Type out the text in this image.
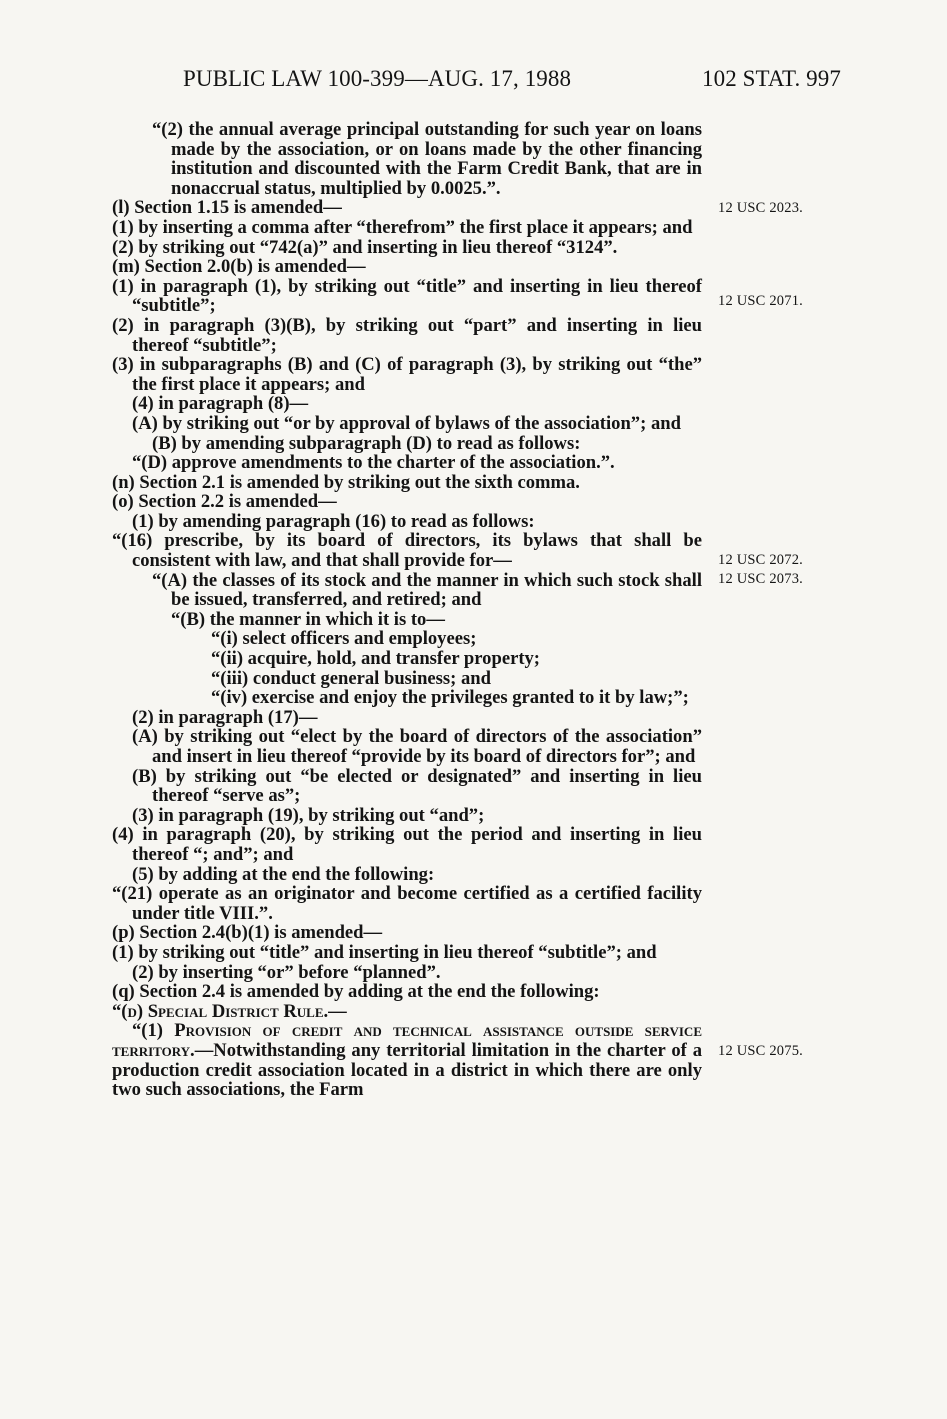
PUBLIC LAW 100-399—AUG. 17, 1988	102 STAT. 997

“(2) the annual average principal outstanding for such year on loans made by the association, or on loans made by the other financing institution and discounted with the Farm Credit Bank, that are in nonaccrual status, multiplied by 0.0025.”.

(l) Section 1.15 is amended—

(1) by inserting a comma after “therefrom” the first place it appears; and

(2) by striking out “742(a)” and inserting in lieu thereof “3124”.

(m) Section 2.0(b) is amended—

(1) in paragraph (1), by striking out “title” and inserting in lieu thereof “subtitle”;

(2) in paragraph (3)(B), by striking out “part” and inserting in lieu thereof “subtitle”;

(3) in subparagraphs (B) and (C) of paragraph (3), by striking out “the” the first place it appears; and

(4) in paragraph (8)—

(A) by striking out “or by approval of bylaws of the association”; and

(B) by amending subparagraph (D) to read as follows:

“(D) approve amendments to the charter of the association.”.

(n) Section 2.1 is amended by striking out the sixth comma.

(o) Section 2.2 is amended—

(1) by amending paragraph (16) to read as follows:

“(16) prescribe, by its board of directors, its bylaws that shall be consistent with law, and that shall provide for—

“(A) the classes of its stock and the manner in which such stock shall be issued, transferred, and retired; and

“(B) the manner in which it is to—

“(i) select officers and employees;

“(ii) acquire, hold, and transfer property;

“(iii) conduct general business; and

“(iv) exercise and enjoy the privileges granted to it by law;”;

(2) in paragraph (17)—

(A) by striking out “elect by the board of directors of the association” and insert in lieu thereof “provide by its board of directors for”; and

(B) by striking out “be elected or designated” and inserting in lieu thereof “serve as”;

(3) in paragraph (19), by striking out “and”;

(4) in paragraph (20), by striking out the period and inserting in lieu thereof “; and”; and

(5) by adding at the end the following:

“(21) operate as an originator and become certified as a certified facility under title VIII.”.

(p) Section 2.4(b)(1) is amended—

(1) by striking out “title” and inserting in lieu thereof “subtitle”; and

(2) by inserting “or” before “planned”.

(q) Section 2.4 is amended by adding at the end the following:

“(d) Special District Rule.—

“(1) Provision of credit and technical assistance outside service territory.—Notwithstanding any territorial limitation in the charter of a production credit association located in a district in which there are only two such associations, the Farm

12 USC 2023.
12 USC 2071.
12 USC 2072.
12 USC 2073.
12 USC 2075.
